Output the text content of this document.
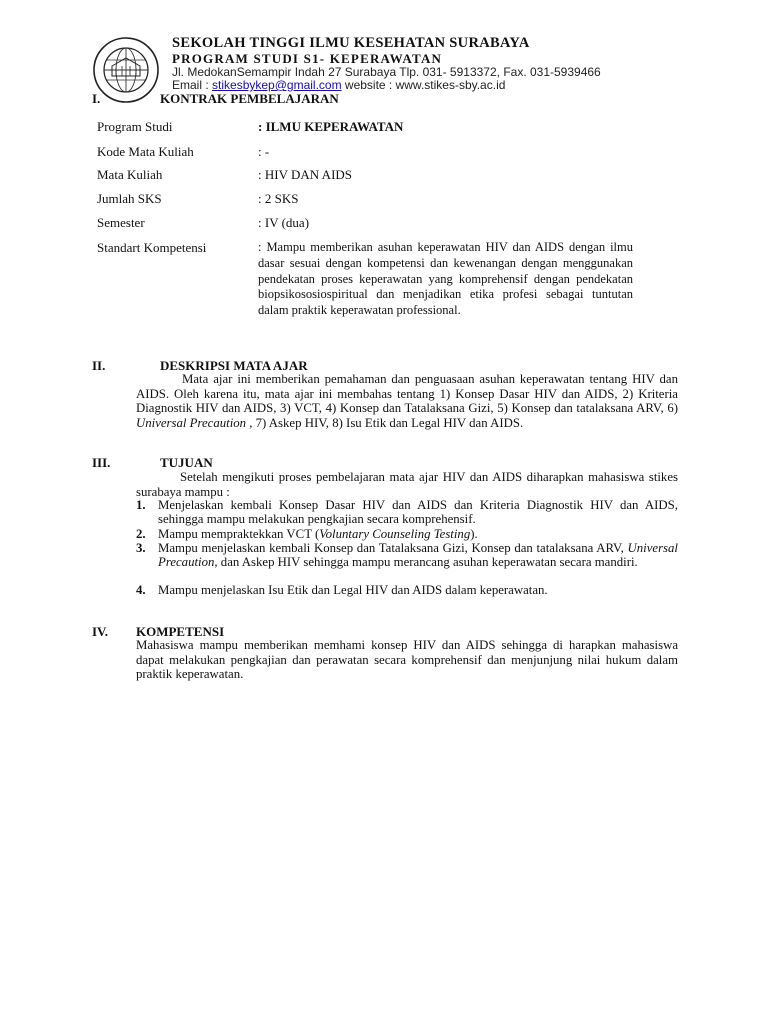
SEKOLAH TINGGI ILMU KESEHATAN SURABAYA
PROGRAM STUDI S1- KEPERAWATAN
Jl. MedokanSemampir Indah 27 Surabaya Tlp. 031- 5913372, Fax. 031-5939466
Email : stikesbykep@gmail.com website : www.stikes-sby.ac.id
I.	KONTRAK PEMBELAJARAN
Program Studi	: ILMU KEPERAWATAN
Kode Mata Kuliah	: -
Mata Kuliah	: HIV DAN AIDS
Jumlah SKS	: 2 SKS
Semester	: IV (dua)
Standart Kompetensi	: Mampu memberikan asuhan keperawatan HIV dan AIDS dengan ilmu dasar sesuai dengan kompetensi dan kewenangan dengan menggunakan pendekatan proses keperawatan yang komprehensif dengan pendekatan biopsikososiospiritual dan menjadikan etika profesi sebagai tuntutan dalam praktik keperawatan professional.
II.	DESKRIPSI MATA AJAR

Mata ajar ini memberikan pemahaman dan penguasaan asuhan keperawatan tentang HIV dan AIDS. Oleh karena itu, mata ajar ini membahas tentang 1) Konsep Dasar HIV dan AIDS, 2) Kriteria Diagnostik HIV dan AIDS, 3) VCT, 4) Konsep dan Tatalaksana Gizi, 5) Konsep dan tatalaksana ARV, 6) Universal Precaution , 7) Askep HIV, 8) Isu Etik dan Legal HIV dan AIDS.

III.	TUJUAN

Setelah mengikuti proses pembelajaran mata ajar HIV dan AIDS diharapkan mahasiswa stikes surabaya mampu :

1. Menjelaskan kembali Konsep Dasar HIV dan AIDS dan Kriteria Diagnostik HIV dan AIDS, sehingga mampu melakukan pengkajian secara komprehensif.
2. Mampu mempraktekkan VCT (Voluntary Counseling Testing).
3. Mampu menjelaskan kembali Konsep dan Tatalaksana Gizi, Konsep dan tatalaksana ARV, Universal Precaution, dan Askep HIV sehingga mampu merancang asuhan keperawatan secara mandiri.
4. Mampu menjelaskan Isu Etik dan Legal HIV dan AIDS dalam keperawatan.
IV. KOMPETENSI
Mahasiswa mampu memberikan memhami konsep HIV dan AIDS sehingga di harapkan mahasiswa dapat melakukan pengkajian dan perawatan secara komprehensif dan menjunjung nilai hukum dalam praktik keperawatan.
